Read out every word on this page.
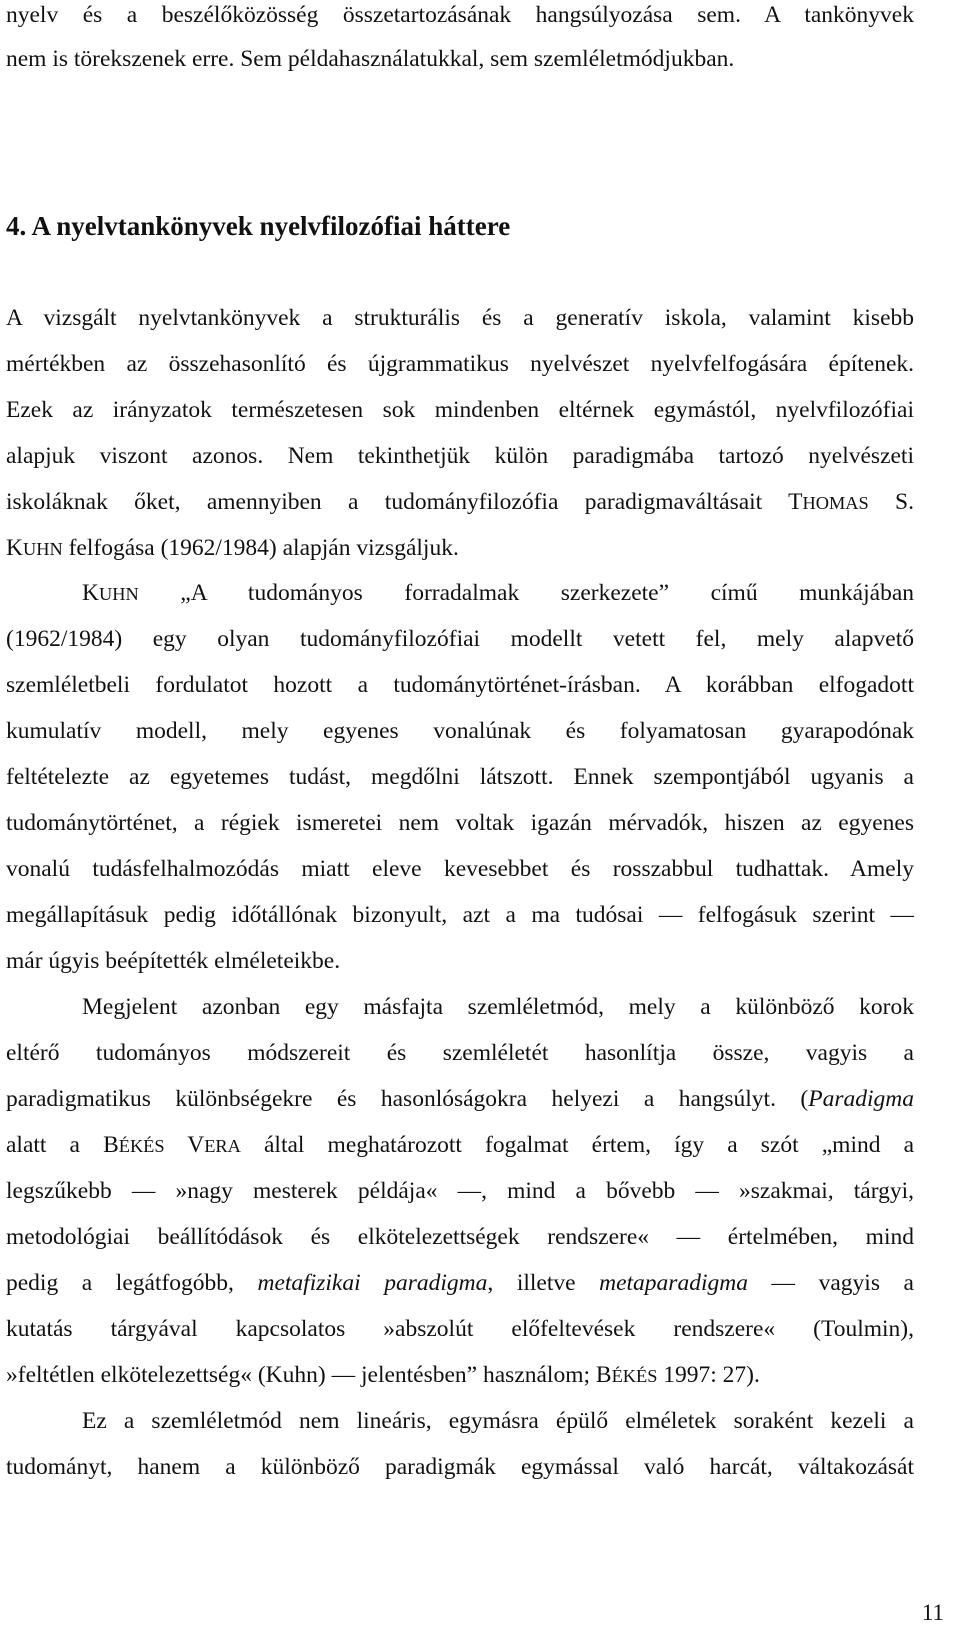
nyelv és a beszélőközösség összetartozásának hangsúlyozása sem. A tankönyvek
nem is törekszenek erre. Sem példahasználatukkal, sem szemléletmódjukban.
4. A nyelvtankönyvek nyelvfilozófiai háttere
A vizsgált nyelvtankönyvek a strukturális és a generatív iskola, valamint kisebb
mértékben az összehasonlító és újgrammatikus nyelvészet nyelvfelfogására építenek.
Ezek az irányzatok természetesen sok mindenben eltérnek egymástól, nyelvfilozófiai
alapjuk viszont azonos. Nem tekinthetjük külön paradigmába tartozó nyelvészeti
iskoláknak őket, amennyiben a tudományfilozófia paradigmaváltásait THOMAS S.
KUHN felfogása (1962/1984) alapján vizsgáljuk.
KUHN „A tudományos forradalmak szerkezete” című munkájában
(1962/1984) egy olyan tudományfilozófiai modellt vetett fel, mely alapvető
szemléletbeli fordulatot hozott a tudománytörténet-írásban. A korábban elfogadott
kumulatív modell, mely egyenes vonalúnak és folyamatosan gyarapodónak
feltételezte az egyetemes tudást, megdőlni látszott. Ennek szempontjából ugyanis a
tudománytörténet, a régiek ismeretei nem voltak igazán mérvadók, hiszen az egyenes
vonalú tudásfelhalmozódás miatt eleve kevesebbet és rosszabbul tudhattak. Amely
megállapításuk pedig időtállónak bizonyult, azt a ma tudósai — felfogásuk szerint —
már úgyis beépítették elméleteikbe.
Megjelent azonban egy másfajta szemléletmód, mely a különböző korok
eltérő tudományos módszereit és szemléletét hasonlítja össze, vagyis a
paradigmatikus különbségekre és hasonlóságokra helyezi a hangsúlyt. (Paradigma
alatt a BÉKÉS VERA által meghatározott fogalmat értem, így a szót „mind a
legszűkebb — »nagy mesterek példája« —, mind a bővebb — »szakmai, tárgyi,
metodológiai beállítódások és elkötelezettségek rendszere« — értelmében, mind
pedig a legátfogóbb, metafizikai paradigma, illetve metaparadigma — vagyis a
kutatás tárgyával kapcsolatos »abszolút előfeltevések rendszere« (Toulmin),
»feltétlen elkötelezettség« (Kuhn) — jelentésben” használom; BÉKÉS 1997: 27).
Ez a szemléletmód nem lineáris, egymásra épülő elméletek soraként kezeli a
tudományt, hanem a különböző paradigmák egymással való harcát, váltakozását
11
